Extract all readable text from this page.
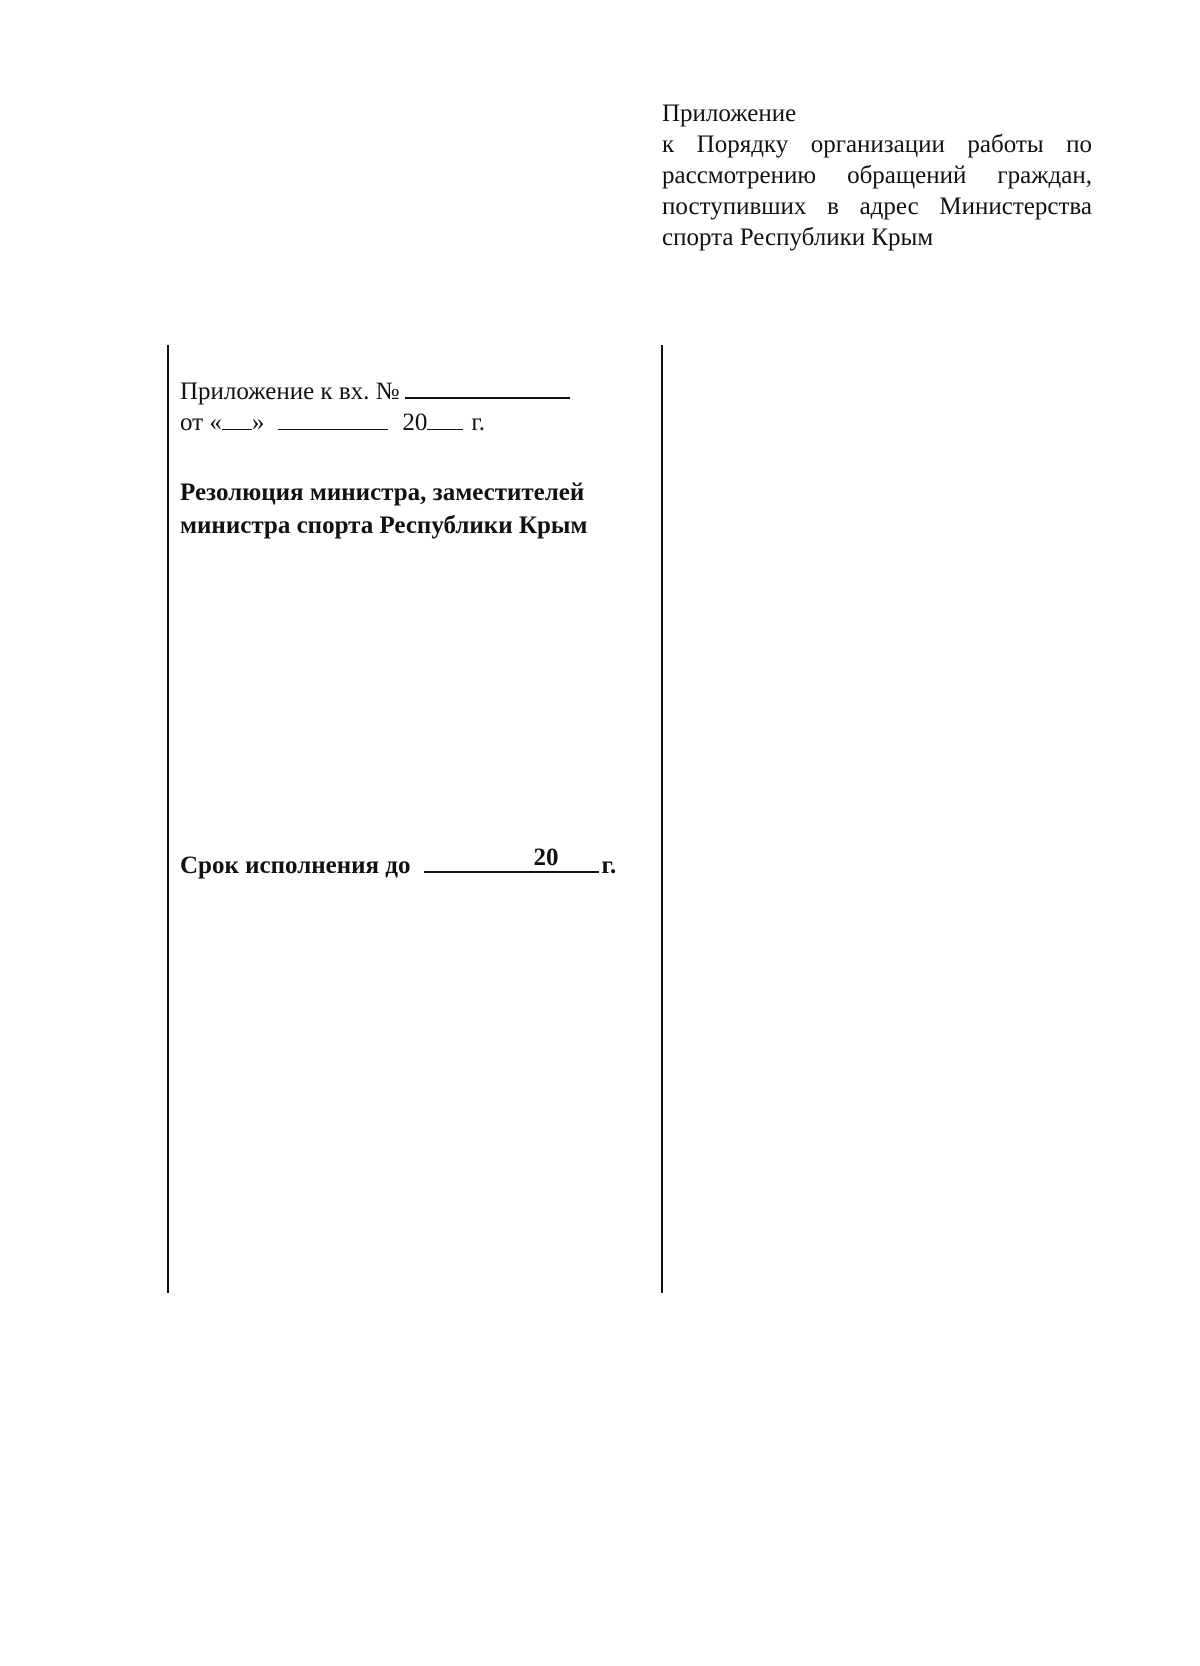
Приложение
к Порядку организации работы по рассмотрению обращений граждан, поступивших в адрес Министерства спорта Республики Крым
Приложение к вх. №
от « »	20 г.
Резолюция министра, заместителей
министра спорта Республики Крым
Срок исполнения до	20 г.
